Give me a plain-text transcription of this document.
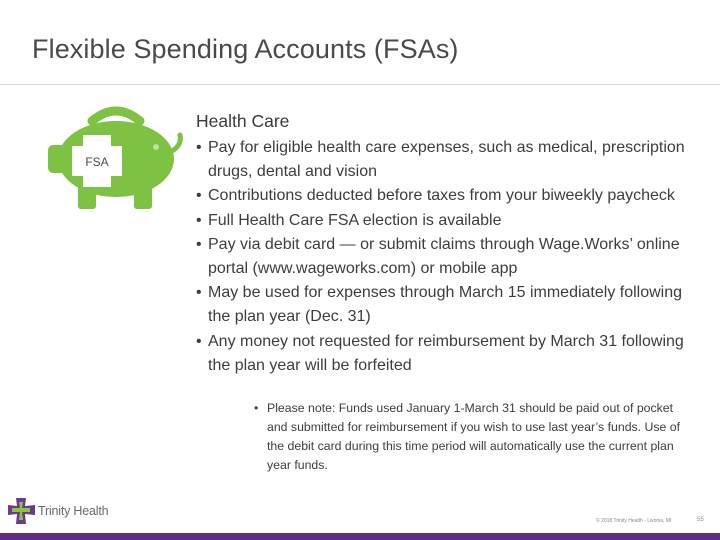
Flexible Spending Accounts (FSAs)
FSA
Health Care
• Pay for eligible health care expenses, such as medical, prescription drugs, dental and vision
• Contributions deducted before taxes from your biweekly paycheck
• Full Health Care FSA election is available
• Pay via debit card — or submit claims through Wage.Works’ online portal (www.wageworks.com) or mobile app
• May be used for expenses through March 15 immediately following the plan year (Dec. 31)
• Any money not requested for reimbursement by March 31 following the plan year will be forfeited
• Please note: Funds used January 1-March 31 should be paid out of pocket and submitted for reimbursement if you wish to use last year’s funds. Use of the debit card during this time period will automatically use the current plan year funds.
Trinity Health
© 2018 Trinity Health - Livonia, MI	55
